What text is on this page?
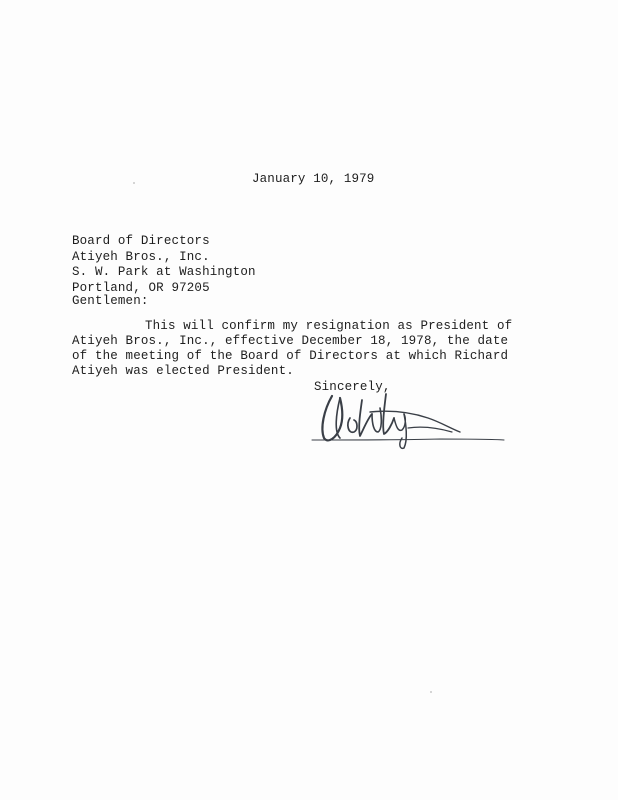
January 10, 1979
Board of Directors
Atiyeh Bros., Inc.
S. W. Park at Washington
Portland, OR 97205
Gentlemen:
This will confirm my resignation as President of
Atiyeh Bros., Inc., effective December 18, 1978, the date
of the meeting of the Board of Directors at which Richard
Atiyeh was elected President.
Sincerely,
